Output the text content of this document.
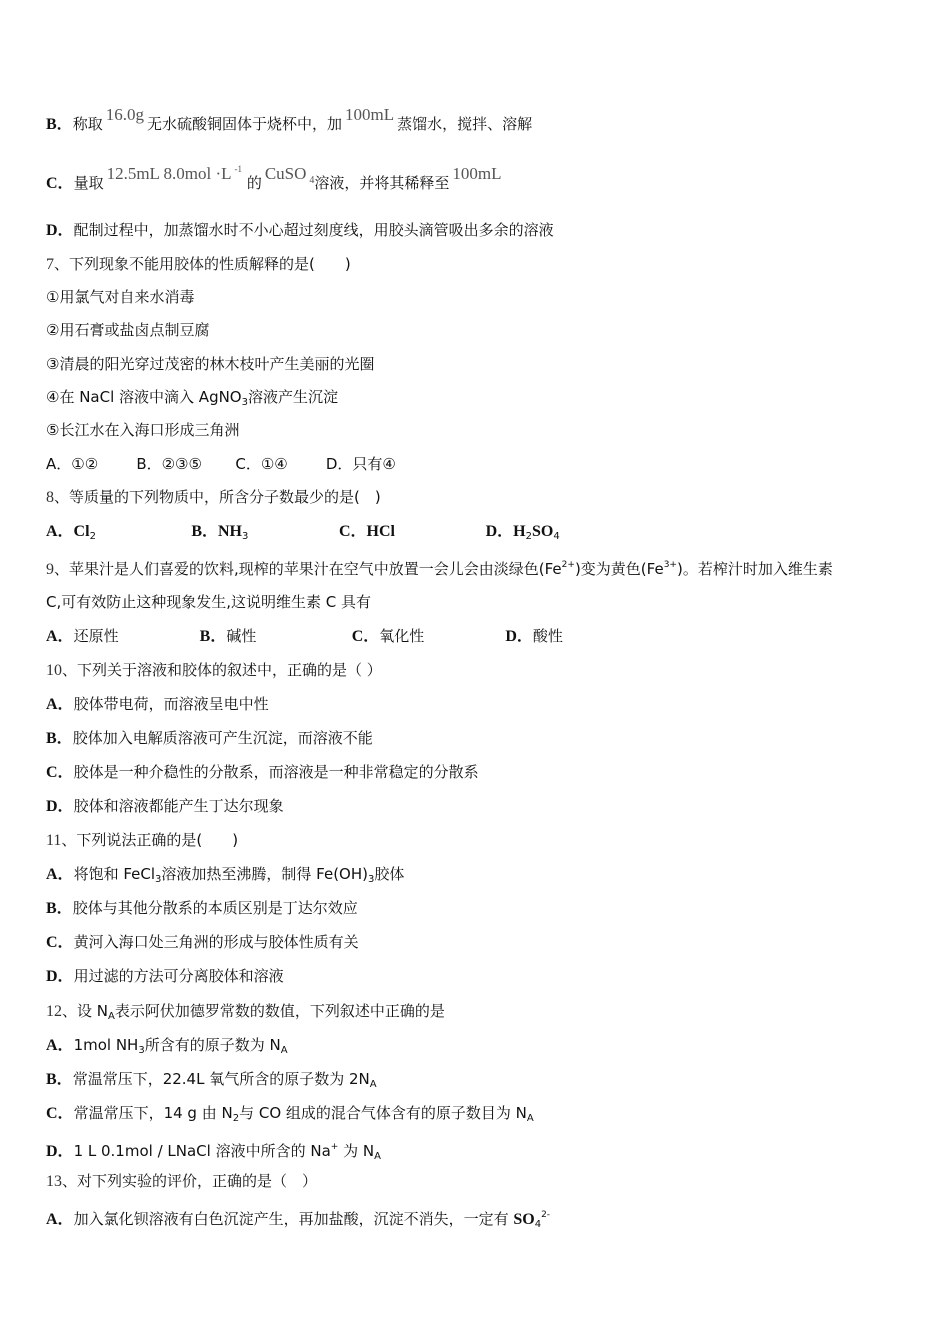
B．称取 16.0g 无水硫酸铜固体于烧杯中，加 100mL 蒸馏水，搅拌、溶解
C．量取 12.5mL 8.0mol ·L $^{-1}$ 的 CuSO $^4$溶液，并将其稀释至 100mL
D．配制过程中，加蒸馏水时不小心超过刻度线，用胶头滴管吸出多余的溶液
7、下列现象不能用胶体的性质解释的是(　　)
①用氯气对自来水消毒
②用石膏或盐卤点制豆腐
③清晨的阳光穿过茂密的林木枝叶产生美丽的光圈
④在 NaCl 溶液中滴入 AgNO$_3$溶液产生沉淀
⑤长江水在入海口形成三角洲
A．①②	B．②③⑤ C．①④	D．只有④
8、等质量的下列物质中，所含分子数最少的是(　)
A．$Cl_2$	B．$NH_3$	C．HCl	D．$H_2SO_4$
9、苹果汁是人们喜爱的饮料,现榨的苹果汁在空气中放置一会儿会由淡绿色$(Fe^{2+})$变为黄色$(Fe^{3+})$。若榨汁时加入维生素
C,可有效防止这种现象发生,这说明维生素 C 具有
A．还原性	B．碱性	C．氧化性	D．酸性
10、下列关于溶液和胶体的叙述中，正确的是（ ）
A．胶体带电荷，而溶液呈电中性
B．胶体加入电解质溶液可产生沉淀，而溶液不能
C．胶体是一种介稳性的分散系，而溶液是一种非常稳定的分散系
D．胶体和溶液都能产生丁达尔现象
11、下列说法正确的是(　　)
A．将饱和 FeCl$_3$溶液加热至沸腾，制得 $Fe(OH)_3$胶体
B．胶体与其他分散系的本质区别是丁达尔效应
C．黄河入海口处三角洲的形成与胶体性质有关
D．用过滤的方法可分离胶体和溶液
12、设 $N_A$表示阿伏加德罗常数的数值，下列叙述中正确的是
A．1mol $NH_3$所含有的原子数为 $N_A$
B．常温常压下，22.4L 氧气所含的原子数为 $2N_A$
C．常温常压下，14 g 由 $N_2$与 CO 组成的混合气体含有的原子数目为 $N_A$
D．1 L 0.1mol / LNaCl 溶液中所含的 Na+ 为 $N_A$
13、对下列实验的评价，正确的是（　）
A．加入氯化钡溶液有白色沉淀产生，再加盐酸，沉淀不消失，一定有 $SO_4^{2-}$
